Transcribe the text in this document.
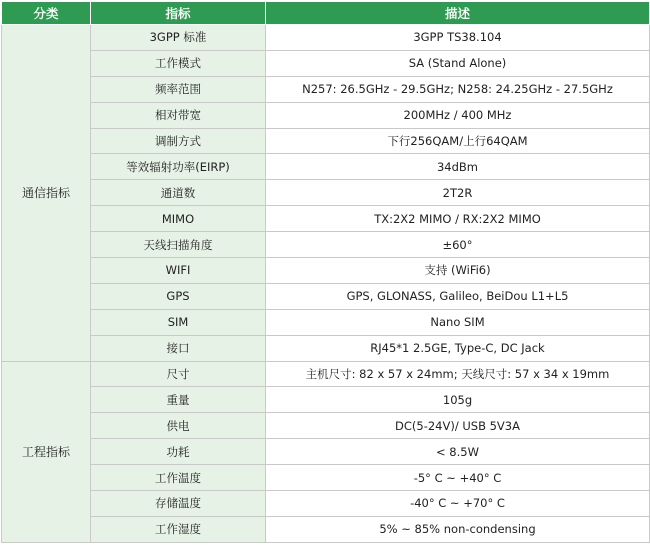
分类	指标	描述
通信指标	3GPP 标准	3GPP TS38.104
	工作模式	SA (Stand Alone)
	频率范围	N257: 26.5GHz - 29.5GHz; N258: 24.25GHz - 27.5GHz
	相对带宽	200MHz / 400 MHz
	调制方式	下行256QAM/上行64QAM
	等效辐射功率(EIRP)	34dBm
	通道数	2T2R
	MIMO	TX:2X2 MIMO / RX:2X2 MIMO
	天线扫描角度	±60°
	WIFI	支持 (WiFi6)
	GPS	GPS, GLONASS, Galileo, BeiDou L1+L5
	SIM	Nano SIM
	接口	RJ45*1 2.5GE, Type-C, DC Jack
工程指标	尺寸	主机尺寸: 82 x 57 x 24mm; 天线尺寸: 57 x 34 x 19mm
	重量	105g
	供电	DC(5-24V)/ USB 5V3A
	功耗	< 8.5W
	工作温度	-5° C ~ +40° C
	存储温度	-40° C ~ +70° C
	工作湿度	5% ~ 85% non-condensing
